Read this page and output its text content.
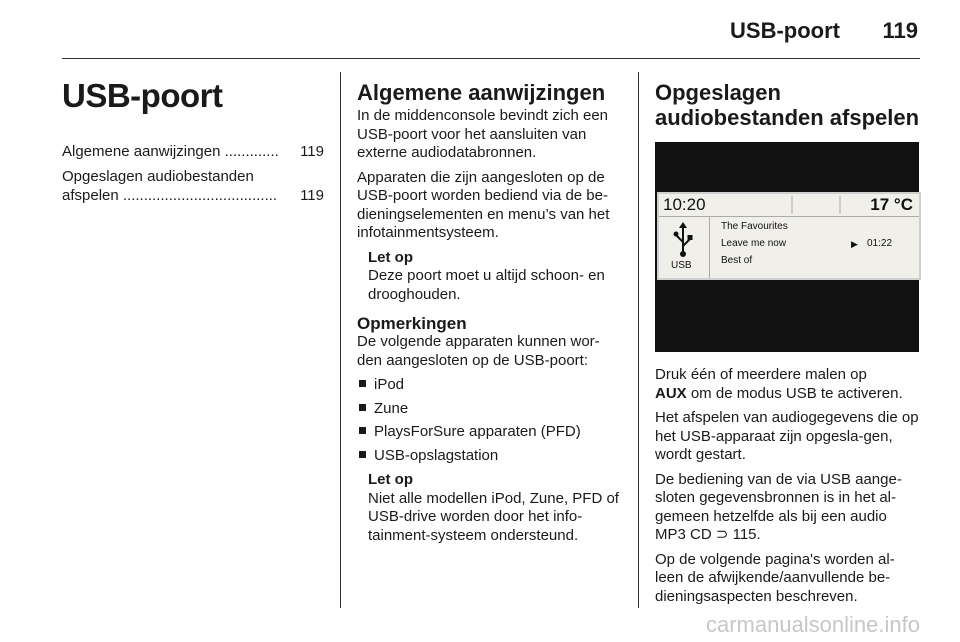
USB-poort 119
USB-poort
119
Algemene aanwijzingen .............
Opgeslagen audiobestanden
119
afspelen .....................................
Algemene aanwijzingen

In de middenconsole bevindt zich een USB-poort voor het aansluiten van externe audiodatabronnen.

Apparaten die zijn aangesloten op de USB-poort worden bediend via de be-dieningselementen en menu’s van het infotainmentsysteem.

Let op
Deze poort moet u altijd schoon- en drooghouden.

Opmerkingen

De volgende apparaten kunnen wor-den aangesloten op de USB-poort:

iPod
Zune
PlaysForSure apparaten (PFD)
USB-opslagstation

Let op
Niet alle modellen iPod, Zune, PFD of USB-drive worden door het info-tainment-systeem ondersteund.

Opgeslagen
audiobestanden afspelen
10:20	17 °C
USB
The Favourites
Leave me now
Best of
▶ 01:22

Druk één of meerdere malen op
AUX om de modus USB te activeren.

Het afspelen van audiogegevens die op het USB-apparaat zijn opgesla-gen, wordt gestart.

De bediening van de via USB aange-sloten gegevensbronnen is in het al-gemeen hetzelfde als bij een audio MP3 CD ⊃ 115.

Op de volgende pagina's worden al-leen de afwijkende/aanvullende be-dieningsaspecten beschreven.

carmanualsonline.info
